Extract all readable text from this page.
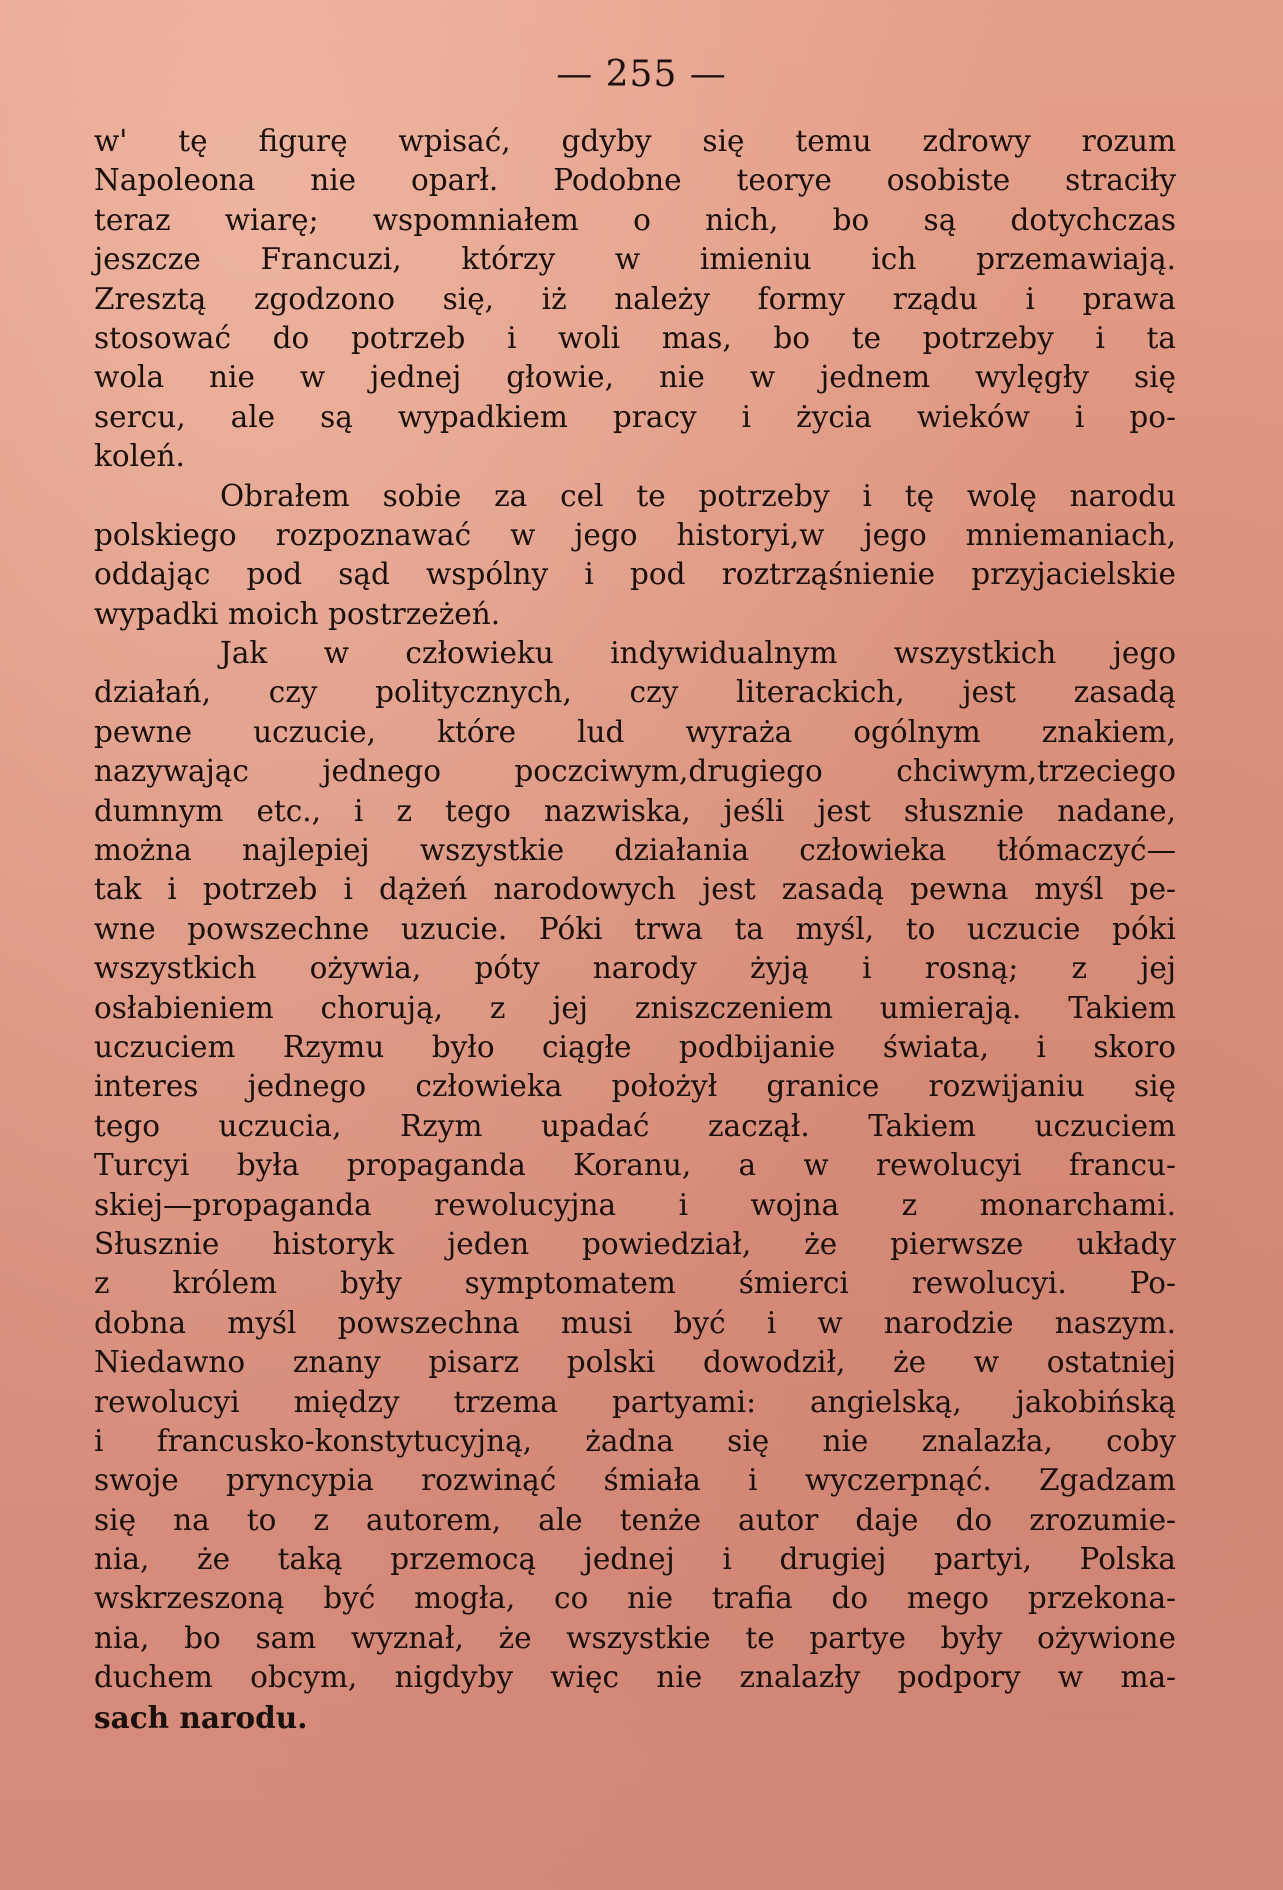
— 255 —
w' tę figurę wpisać, gdyby się temu zdrowy rozum
Napoleona nie oparł. Podobne teorye osobiste straciły
teraz wiarę; wspomniałem o nich, bo są dotychczas
jeszcze Francuzi, którzy w imieniu ich przemawiają.
Zresztą zgodzono się, iż należy formy rządu i prawa
stosować do potrzeb i woli mas, bo te potrzeby i ta
wola nie w jednej głowie, nie w jednem wylęgły się
sercu, ale są wypadkiem pracy i życia wieków i po-
koleń.
Obrałem sobie za cel te potrzeby i tę wolę narodu
polskiego rozpoznawać w jego historyi,w jego mniemaniach,
oddając pod sąd wspólny i pod roztrząśnienie przyjacielskie
wypadki moich postrzeżeń.
Jak w człowieku indywidualnym wszystkich jego
działań, czy politycznych, czy literackich, jest zasadą
pewne uczucie, które lud wyraża ogólnym znakiem,
nazywając jednego poczciwym,drugiego chciwym,trzeciego
dumnym etc., i z tego nazwiska, jeśli jest słusznie nadane,
można najlepiej wszystkie działania człowieka tłómaczyć—
tak i potrzeb i dążeń narodowych jest zasadą pewna myśl pe-
wne powszechne uzucie. Póki trwa ta myśl, to uczucie póki
wszystkich ożywia, póty narody żyją i rosną; z jej
osłabieniem chorują, z jej zniszczeniem umierają. Takiem
uczuciem Rzymu było ciągłe podbijanie świata, i skoro
interes jednego człowieka położył granice rozwijaniu się
tego uczucia, Rzym upadać zaczął. Takiem uczuciem
Turcyi była propaganda Koranu, a w rewolucyi francu-
skiej—propaganda rewolucyjna i wojna z monarchami.
Słusznie historyk jeden powiedział, że pierwsze układy
z królem były symptomatem śmierci rewolucyi. Po-
dobna myśl powszechna musi być i w narodzie naszym.
Niedawno znany pisarz polski dowodził, że w ostatniej
rewolucyi między trzema partyami: angielską, jakobińską
i francusko-konstytucyjną, żadna się nie znalazła, coby
swoje pryncypia rozwinąć śmiała i wyczerpnąć. Zgadzam
się na to z autorem, ale tenże autor daje do zrozumie-
nia, że taką przemocą jednej i drugiej partyi, Polska
wskrzeszoną być mogła, co nie trafia do mego przekona-
nia, bo sam wyznał, że wszystkie te partye były ożywione
duchem obcym, nigdyby więc nie znalazły podpory w ma-
sach narodu.
